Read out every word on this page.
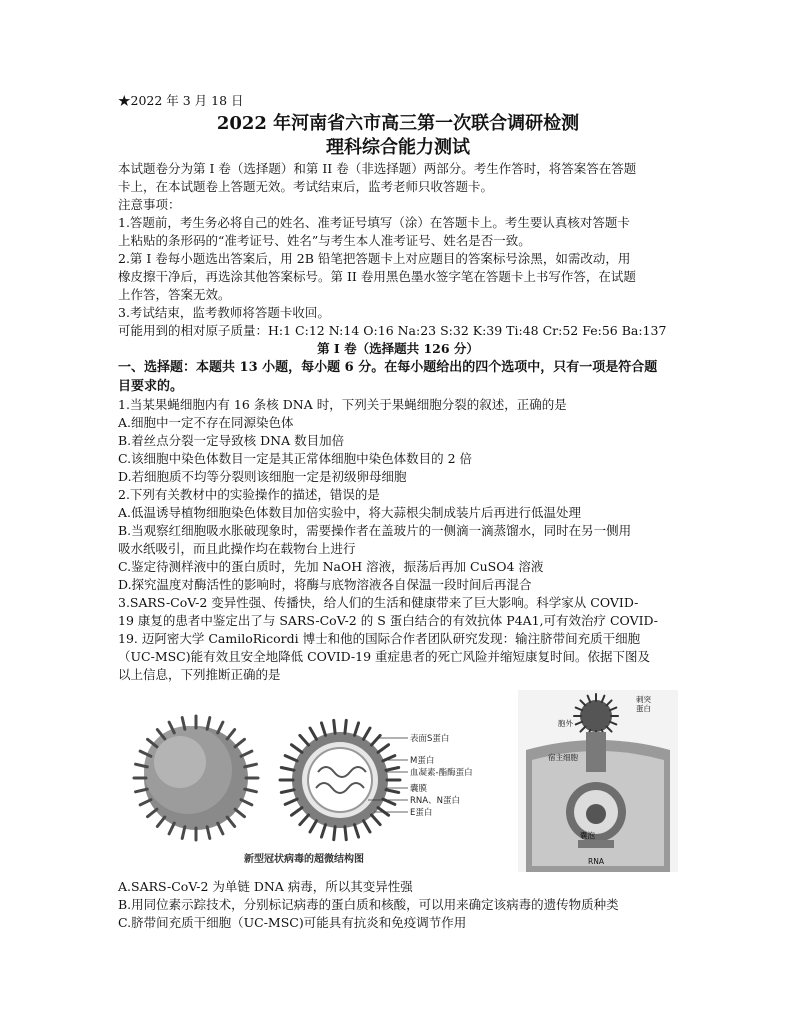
★2022 年 3 月 18 日
2022 年河南省六市高三第一次联合调研检测
理科综合能力测试

本试题卷分为第 I 卷（选择题）和第 II 卷（非选择题）两部分。考生作答时，将答案答在答题

卡上，在本试题卷上答题无效。考试结束后，监考老师只收答题卡。

注意事项：

1.答题前，考生务必将自己的姓名、准考证号填写（涂）在答题卡上。考生要认真核对答题卡

上粘贴的条形码的“准考证号、姓名”与考生本人准考证号、姓名是否一致。

2.第 I 卷每小题选出答案后，用 2B 铅笔把答题卡上对应题目的答案标号涂黑，如需改动，用

橡皮擦干净后，再选涂其他答案标号。第 II 卷用黑色墨水签字笔在答题卡上书写作答，在试题

上作答，答案无效。

3.考试结束，监考教师将答题卡收回。

可能用到的相对原子质量：H:1 C:12 N:14 O:16 Na:23 S:32 K:39 Ti:48 Cr:52 Fe:56 Ba:137

第 I 卷（选择题共 126 分）

一、选择题：本题共 13 小题，每小题 6 分。在每小题给出的四个选项中，只有一项是符合题

目要求的。

1.当某果蝇细胞内有 16 条核 DNA 时，下列关于果蝇细胞分裂的叙述，正确的是

A.细胞中一定不存在同源染色体

B.着丝点分裂一定导致核 DNA 数目加倍

C.该细胞中染色体数目一定是其正常体细胞中染色体数目的 2 倍

D.若细胞质不均等分裂则该细胞一定是初级卵母细胞

2.下列有关教材中的实验操作的描述，错误的是

A.低温诱导植物细胞染色体数目加倍实验中，将大蒜根尖制成装片后再进行低温处理

B.当观察红细胞吸水胀破现象时，需要操作者在盖玻片的一侧滴一滴蒸馏水，同时在另一侧用

吸水纸吸引，而且此操作均在载物台上进行

C.鉴定待测样液中的蛋白质时，先加 NaOH 溶液，振荡后再加 CuSO4 溶液

D.探究温度对酶活性的影响时，将酶与底物溶液各自保温一段时间后再混合

3.SARS-CoV-2 变异性强、传播快，给人们的生活和健康带来了巨大影响。科学家从 COVID-

19 康复的患者中鉴定出了与 SARS-CoV-2 的 S 蛋白结合的有效抗体 P4A1,可有效治疗 COVID-

19. 迈阿密大学 CamiloRicordi 博士和他的国际合作者团队研究发现：输注脐带间充质干细胞

（UC-MSC)能有效且安全地降低 COVID-19 重症患者的死亡风险并缩短康复时间。依据下图及

以上信息，下列推断正确的是

表面S蛋白
M蛋白
血凝素-酯酶蛋白
囊膜
RNA、N蛋白
E蛋白
新型冠状病毒的超微结构图
刺突
蛋白
胞外
宿主细胞
RNA
囊泡

A.SARS-CoV-2 为单链 DNA 病毒，所以其变异性强

B.用同位素示踪技术，分别标记病毒的蛋白质和核酸，可以用来确定该病毒的遗传物质种类

C.脐带间充质干细胞（UC-MSC)可能具有抗炎和免疫调节作用
